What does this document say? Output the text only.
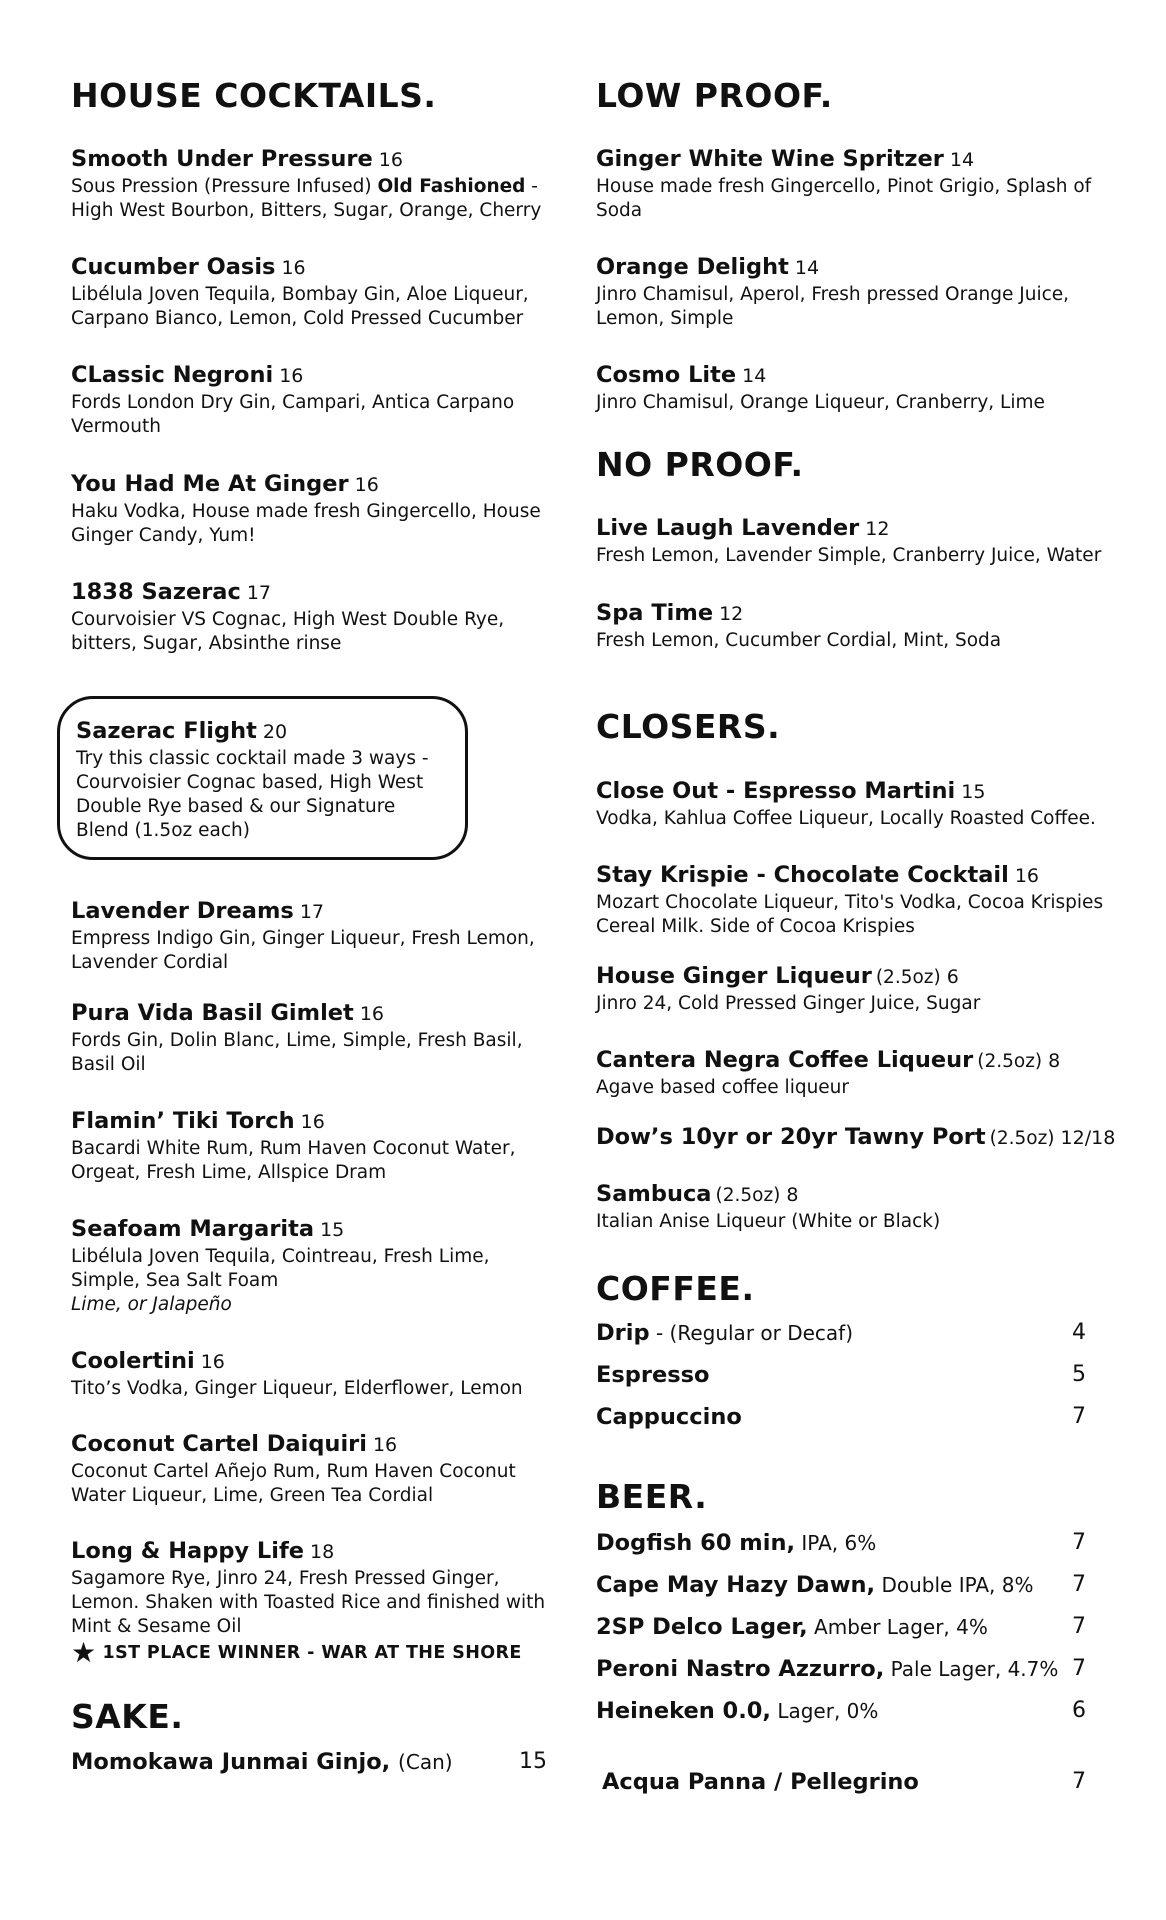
HOUSE COCKTAILS.
Smooth Under Pressure 16
Sous Pression (Pressure Infused) Old Fashioned - High West Bourbon, Bitters, Sugar, Orange, Cherry
Cucumber Oasis 16
Libélula Joven Tequila, Bombay Gin, Aloe Liqueur, Carpano Bianco, Lemon, Cold Pressed Cucumber
CLassic Negroni 16
Fords London Dry Gin, Campari, Antica Carpano Vermouth
You Had Me At Ginger 16
Haku Vodka, House made fresh Gingercello, House Ginger Candy, Yum!
1838 Sazerac 17
Courvoisier VS Cognac, High West Double Rye, bitters, Sugar, Absinthe rinse
Sazerac Flight 20
Try this classic cocktail made 3 ways - Courvoisier Cognac based, High West Double Rye based & our Signature Blend (1.5oz each)
Lavender Dreams 17
Empress Indigo Gin, Ginger Liqueur, Fresh Lemon, Lavender Cordial
Pura Vida Basil Gimlet 16
Fords Gin, Dolin Blanc, Lime, Simple, Fresh Basil, Basil Oil
Flamin’ Tiki Torch 16
Bacardi White Rum, Rum Haven Coconut Water, Orgeat, Fresh Lime, Allspice Dram
Seafoam Margarita 15
Libélula Joven Tequila, Cointreau, Fresh Lime, Simple, Sea Salt Foam
Lime, or Jalapeño
Coolertini 16
Tito’s Vodka, Ginger Liqueur, Elderflower, Lemon
Coconut Cartel Daiquiri 16
Coconut Cartel Añejo Rum, Rum Haven Coconut Water Liqueur, Lime, Green Tea Cordial
Long & Happy Life 18
Sagamore Rye, Jinro 24, Fresh Pressed Ginger, Lemon. Shaken with Toasted Rice and finished with Mint & Sesame Oil
★ 1ST PLACE WINNER - WAR AT THE SHORE
SAKE.
Momokawa Junmai Ginjo, (Can)	15
LOW PROOF.
Ginger White Wine Spritzer 14
House made fresh Gingercello, Pinot Grigio, Splash of Soda
Orange Delight 14
Jinro Chamisul, Aperol, Fresh pressed Orange Juice, Lemon, Simple
Cosmo Lite 14
Jinro Chamisul, Orange Liqueur, Cranberry, Lime
NO PROOF.
Live Laugh Lavender 12
Fresh Lemon, Lavender Simple, Cranberry Juice, Water
Spa Time 12
Fresh Lemon, Cucumber Cordial, Mint, Soda
CLOSERS.
Close Out - Espresso Martini 15
Vodka, Kahlua Coffee Liqueur, Locally Roasted Coffee.
Stay Krispie - Chocolate Cocktail 16
Mozart Chocolate Liqueur, Tito's Vodka, Cocoa Krispies Cereal Milk. Side of Cocoa Krispies
House Ginger Liqueur (2.5oz) 6
Jinro 24, Cold Pressed Ginger Juice, Sugar
Cantera Negra Coffee Liqueur (2.5oz) 8
Agave based coffee liqueur
Dow’s 10yr or 20yr Tawny Port (2.5oz) 12/18
Sambuca (2.5oz) 8
Italian Anise Liqueur (White or Black)
COFFEE.
Drip - (Regular or Decaf)	4
Espresso	5
Cappuccino	7
BEER.
Dogfish 60 min, IPA, 6%	7
Cape May Hazy Dawn, Double IPA, 8% 7
2SP Delco Lager, Amber Lager, 4%	7
Peroni Nastro Azzurro, Pale Lager, 4.7% 7
Heineken 0.0, Lager, 0%	6
Acqua Panna / Pellegrino	7
